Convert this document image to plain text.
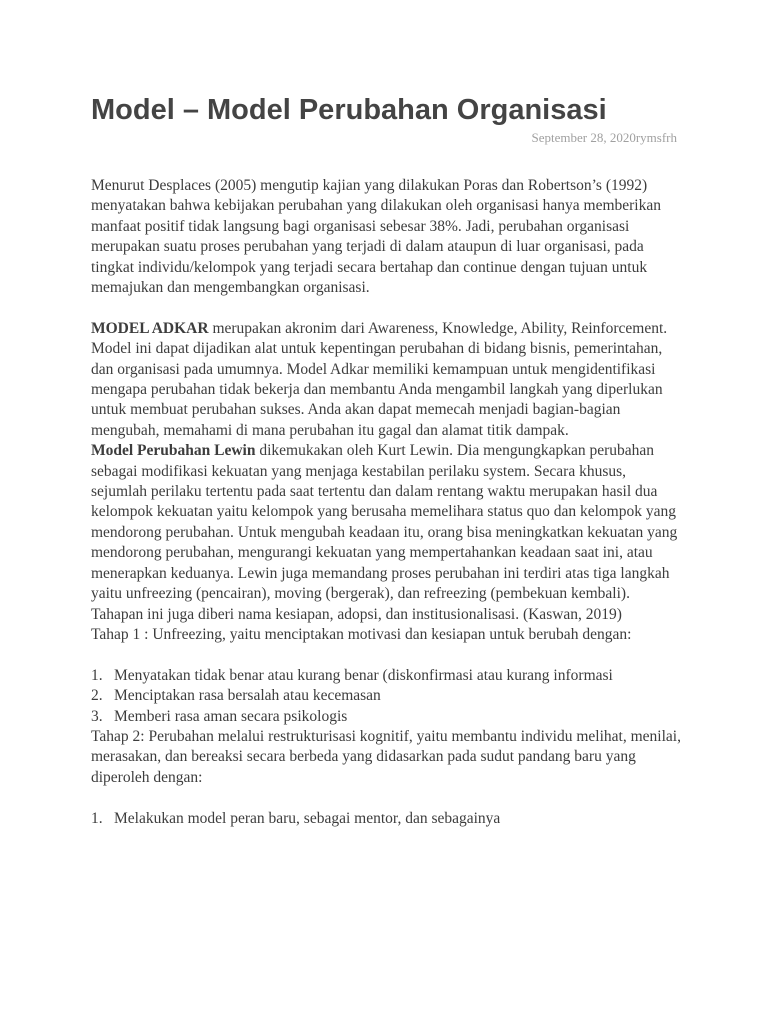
Model – Model Perubahan Organisasi
September 28, 2020rymsfrh

Menurut Desplaces (2005) mengutip kajian yang dilakukan Poras dan Robertson’s (1992) menyatakan bahwa kebijakan perubahan yang dilakukan oleh organisasi hanya memberikan manfaat positif tidak langsung bagi organisasi sebesar 38%. Jadi, perubahan organisasi merupakan suatu proses perubahan yang terjadi di dalam ataupun di luar organisasi, pada tingkat individu/kelompok yang terjadi secara bertahap dan continue dengan tujuan untuk memajukan dan mengembangkan organisasi.

MODEL ADKAR merupakan akronim dari Awareness, Knowledge, Ability, Reinforcement. Model ini dapat dijadikan alat untuk kepentingan perubahan di bidang bisnis, pemerintahan, dan organisasi pada umumnya. Model Adkar memiliki kemampuan untuk mengidentifikasi mengapa perubahan tidak bekerja dan membantu Anda mengambil langkah yang diperlukan untuk membuat perubahan sukses. Anda akan dapat memecah menjadi bagian-bagian mengubah, memahami di mana perubahan itu gagal dan alamat titik dampak.

Model Perubahan Lewin dikemukakan oleh Kurt Lewin. Dia mengungkapkan perubahan sebagai modifikasi kekuatan yang menjaga kestabilan perilaku system. Secara khusus, sejumlah perilaku tertentu pada saat tertentu dan dalam rentang waktu merupakan hasil dua kelompok kekuatan yaitu kelompok yang berusaha memelihara status quo dan kelompok yang mendorong perubahan. Untuk mengubah keadaan itu, orang bisa meningkatkan kekuatan yang mendorong perubahan, mengurangi kekuatan yang mempertahankan keadaan saat ini, atau menerapkan keduanya. Lewin juga memandang proses perubahan ini terdiri atas tiga langkah yaitu unfreezing (pencairan), moving (bergerak), dan refreezing (pembekuan kembali). Tahapan ini juga diberi nama kesiapan, adopsi, dan institusionalisasi. (Kaswan, 2019)

Tahap 1 : Unfreezing, yaitu menciptakan motivasi dan kesiapan untuk berubah dengan:

1. Menyatakan tidak benar atau kurang benar (diskonfirmasi atau kurang informasi
2. Menciptakan rasa bersalah atau kecemasan
3. Memberi rasa aman secara psikologis

Tahap 2: Perubahan melalui restrukturisasi kognitif, yaitu membantu individu melihat, menilai, merasakan, dan bereaksi secara berbeda yang didasarkan pada sudut pandang baru yang diperoleh dengan:

1. Melakukan model peran baru, sebagai mentor, dan sebagainya
